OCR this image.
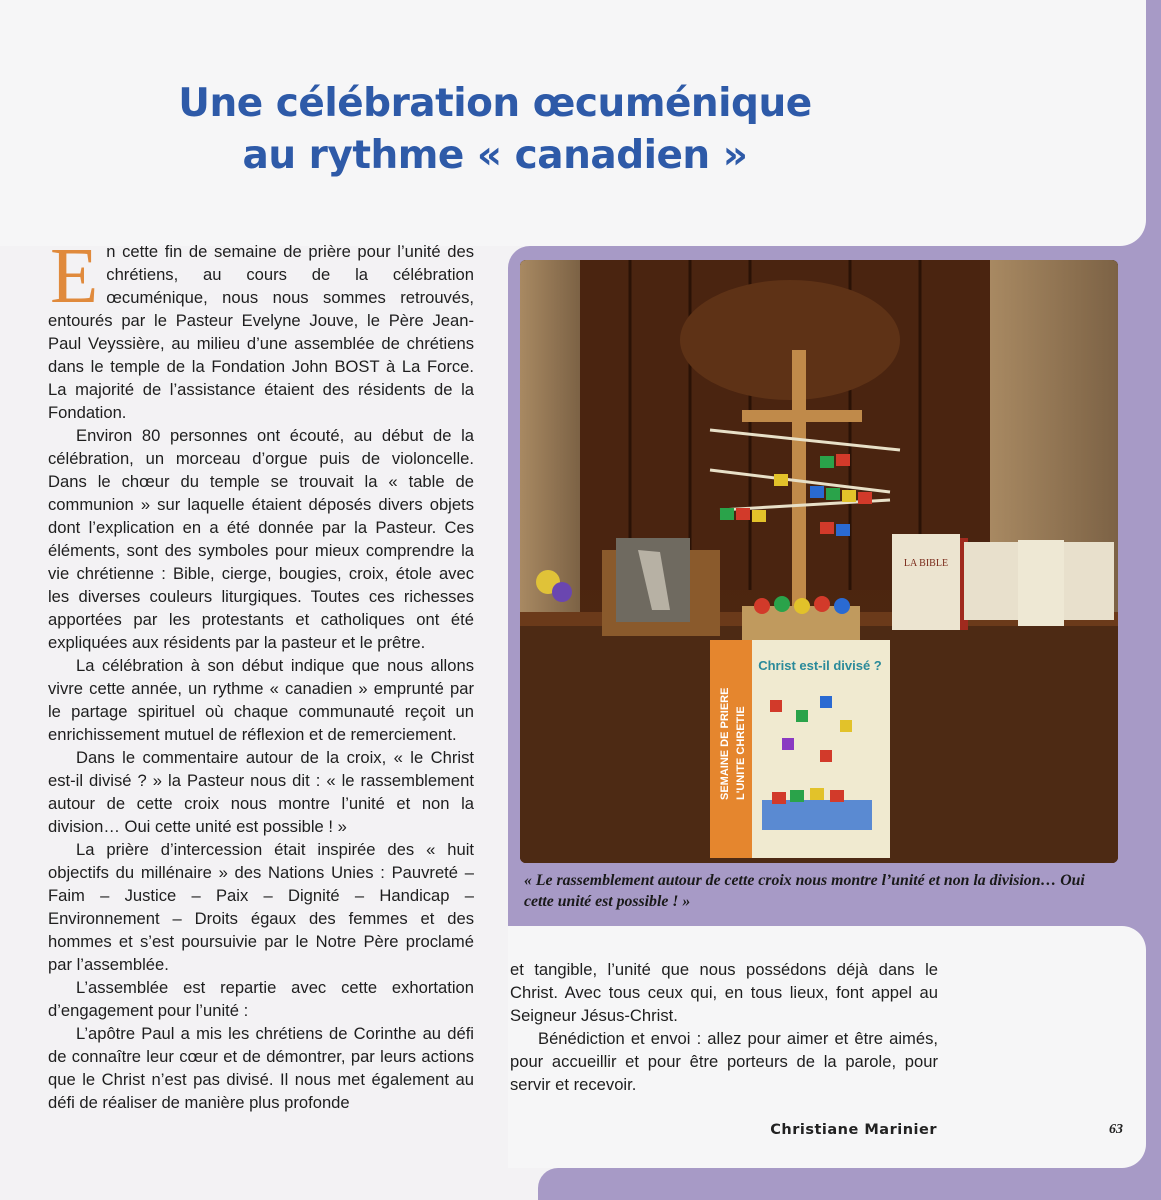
Une célébration œcuménique
au rythme « canadien »

En cette fin de semaine de prière pour l’unité des chrétiens, au cours de la célébration œcuménique, nous nous sommes retrouvés, entourés par le Pasteur Evelyne Jouve, le Père Jean-Paul Veyssière, au milieu d’une assemblée de chrétiens dans le temple de la Fondation John BOST à La Force. La majorité de l’assistance étaient des résidents de la Fondation.

Environ 80 personnes ont écouté, au début de la célébration, un morceau d’orgue puis de violoncelle. Dans le chœur du temple se trouvait la « table de communion » sur laquelle étaient déposés divers objets dont l’explication en a été donnée par la Pasteur. Ces éléments, sont des symboles pour mieux comprendre la vie chrétienne : Bible, cierge, bougies, croix, étole avec les diverses couleurs liturgiques. Toutes ces richesses apportées par les protestants et catholiques ont été expliquées aux résidents par la pasteur et le prêtre.

La célébration à son début indique que nous allons vivre cette année, un rythme « canadien » emprunté par le partage spirituel où chaque communauté reçoit un enrichissement mutuel de réflexion et de remerciement.

Dans le commentaire autour de la croix, « le Christ est-il divisé ? » la Pasteur nous dit : « le rassemblement autour de cette croix nous montre l’unité et non la division… Oui cette unité est possible ! »

La prière d’intercession était inspirée des « huit objectifs du millénaire » des Nations Unies : Pauvreté – Faim – Justice – Paix – Dignité – Handicap – Environnement – Droits égaux des femmes et des hommes et s’est poursuivie par le Notre Père proclamé par l’assemblée.

L’assemblée est repartie avec cette exhortation d’engagement pour l’unité :

L’apôtre Paul a mis les chrétiens de Corinthe au défi de connaître leur cœur et de démontrer, par leurs actions que le Christ n’est pas divisé. Il nous met également au défi de réaliser de manière plus profonde

LA BIBLE
SEMAINE DE PRIERE L'UNITE CHRETIE
Christ est-il divisé ?
« Le rassemblement autour de cette croix nous montre l’unité et non la division… Oui cette unité est possible ! »

et tangible, l’unité que nous possédons déjà dans le Christ. Avec tous ceux qui, en tous lieux, font appel au Seigneur Jésus-Christ.

Bénédiction et envoi : allez pour aimer et être aimés, pour accueillir et pour être porteurs de la parole, pour servir et recevoir.

Christiane Marinier	63
